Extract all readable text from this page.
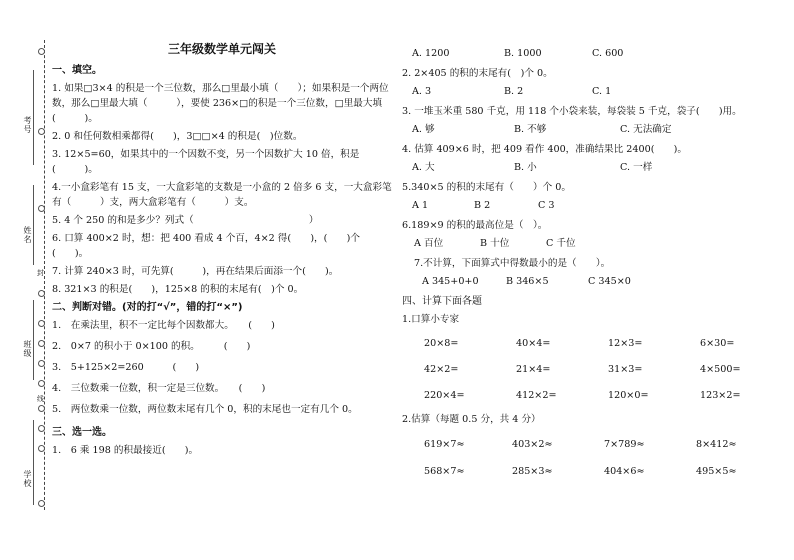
考号
姓名
封
班级
线
学校
三年级数学单元闯关
一、填空。
1. 如果□3×4 的积是一个三位数，那么□里最小填（　　）；如果积是一个两位数，那么□里最大填（　　　），要使 236×□的积是一个三位数，□里最大填(　　　)。
2. 0 和任何数相乘都得(　　)，3□□×4 的积是(　)位数。
3. 12×5=60，如果其中的一个因数不变，另一个因数扩大 10 倍，积是(　　　)。
4.一小盒彩笔有 15 支，一大盒彩笔的支数是一小盒的 2 倍多 6 支，一大盒彩笔有（　　　）支，两大盒彩笔有（　　　）支。
5. 4 个 250 的和是多少？列式（　　　　　　　　　　　　）
6. 口算 400×2 时，想：把 400 看成 4 个百，4×2 得(　　)，(　　)个(　　)。
7. 计算 240×3 时，可先算(　　　)，再在结果后面添一个(　　)。
8. 321×3 的积是(　　)，125×8 的积的末尾有(　)个 0。
二、判断对错。(对的打“√”，错的打“×”)
1.　在乘法里，积不一定比每个因数都大。　　(　　)
2.　0×7 的积小于 0×100 的积。　　　(　　)
3.　5+125×2=260　　　(　　)
4.　三位数乘一位数，积一定是三位数。　　(　　)
5.　两位数乘一位数，两位数末尾有几个 0，积的末尾也一定有几个 0。
三、选一选。
1.　6 乘 198 的积最接近(　　)。
A. 1200	B. 1000	C. 600
2. 2×405 的积的末尾有(　)个 0。
A. 3	B. 2	C. 1
3. 一堆玉米重 580 千克，用 118 个小袋来装，每袋装 5 千克，袋子(　　)用。
A. 够	B. 不够	C. 无法确定
4. 估算 409×6 时，把 409 看作 400，准确结果比 2400(　　)。
A. 大	B. 小	C. 一样
5.340×5 的积的末尾有（　　）个 0。
A 1	B 2	C 3
6.189×9 的积的最高位是（　）。
A 百位	B 十位	C 千位
7.不计算，下面算式中得数最小的是（　　）。
A 345+0+0	B 346×5	C 345×0
四、计算下面各题
1.口算小专家
20×8=	40×4=	12×3=	6×30=
42×2=	21×4=	31×3=	4×500=
220×4=	412×2=	120×0=	123×2=
2.估算（每题 0.5 分，共 4 分）
619×7≈	403×2≈	7×789≈	8×412≈
568×7≈	285×3≈	404×6≈	495×5≈
